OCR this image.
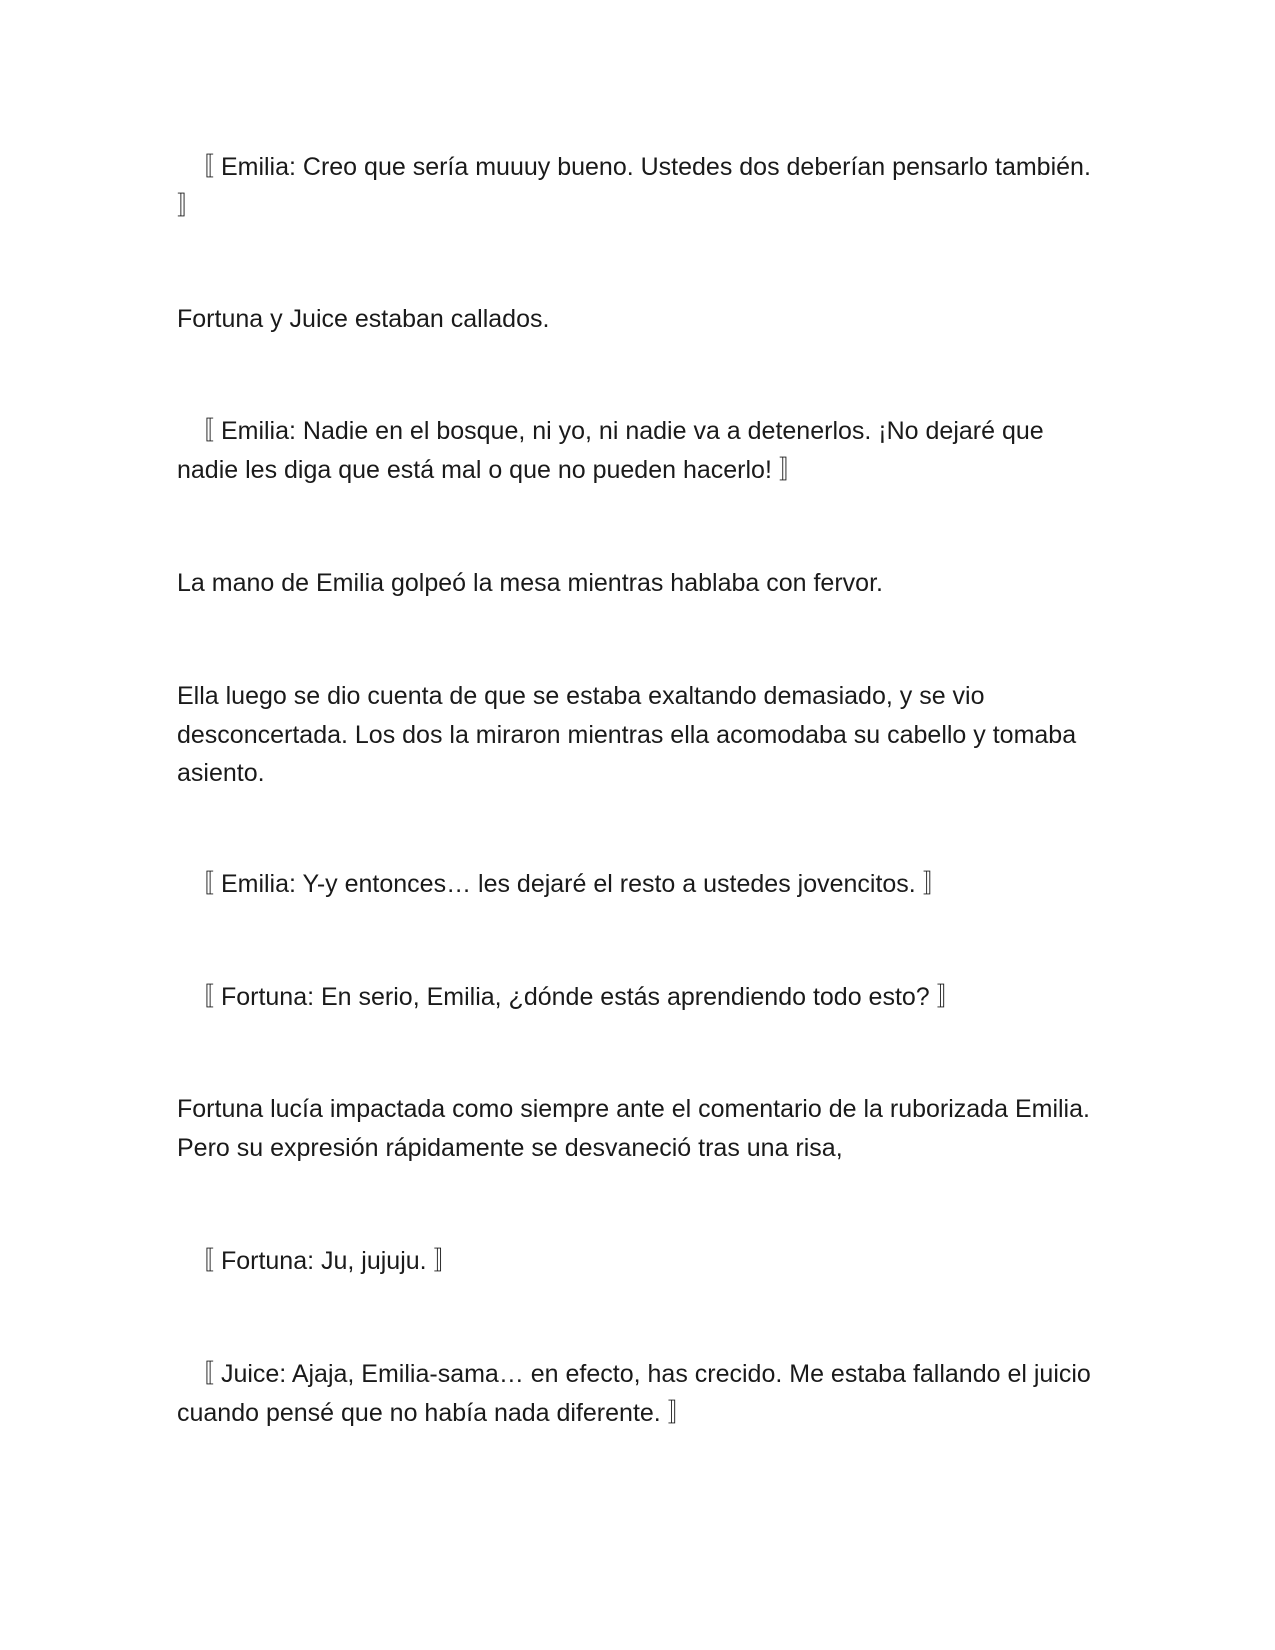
〚 Emilia: Creo que sería muuuy bueno. Ustedes dos deberían pensarlo también. 〛

Fortuna y Juice estaban callados.

〚 Emilia: Nadie en el bosque, ni yo, ni nadie va a detenerlos. ¡No dejaré que nadie les diga que está mal o que no pueden hacerlo! 〛

La mano de Emilia golpeó la mesa mientras hablaba con fervor.

Ella luego se dio cuenta de que se estaba exaltando demasiado, y se vio desconcertada. Los dos la miraron mientras ella acomodaba su cabello y tomaba asiento.

〚 Emilia: Y-y entonces… les dejaré el resto a ustedes jovencitos. 〛

〚 Fortuna: En serio, Emilia, ¿dónde estás aprendiendo todo esto? 〛

Fortuna lucía impactada como siempre ante el comentario de la ruborizada Emilia. Pero su expresión rápidamente se desvaneció tras una risa,

〚 Fortuna: Ju, jujuju. 〛

〚 Juice: Ajaja, Emilia-sama… en efecto, has crecido. Me estaba fallando el juicio cuando pensé que no había nada diferente. 〛
